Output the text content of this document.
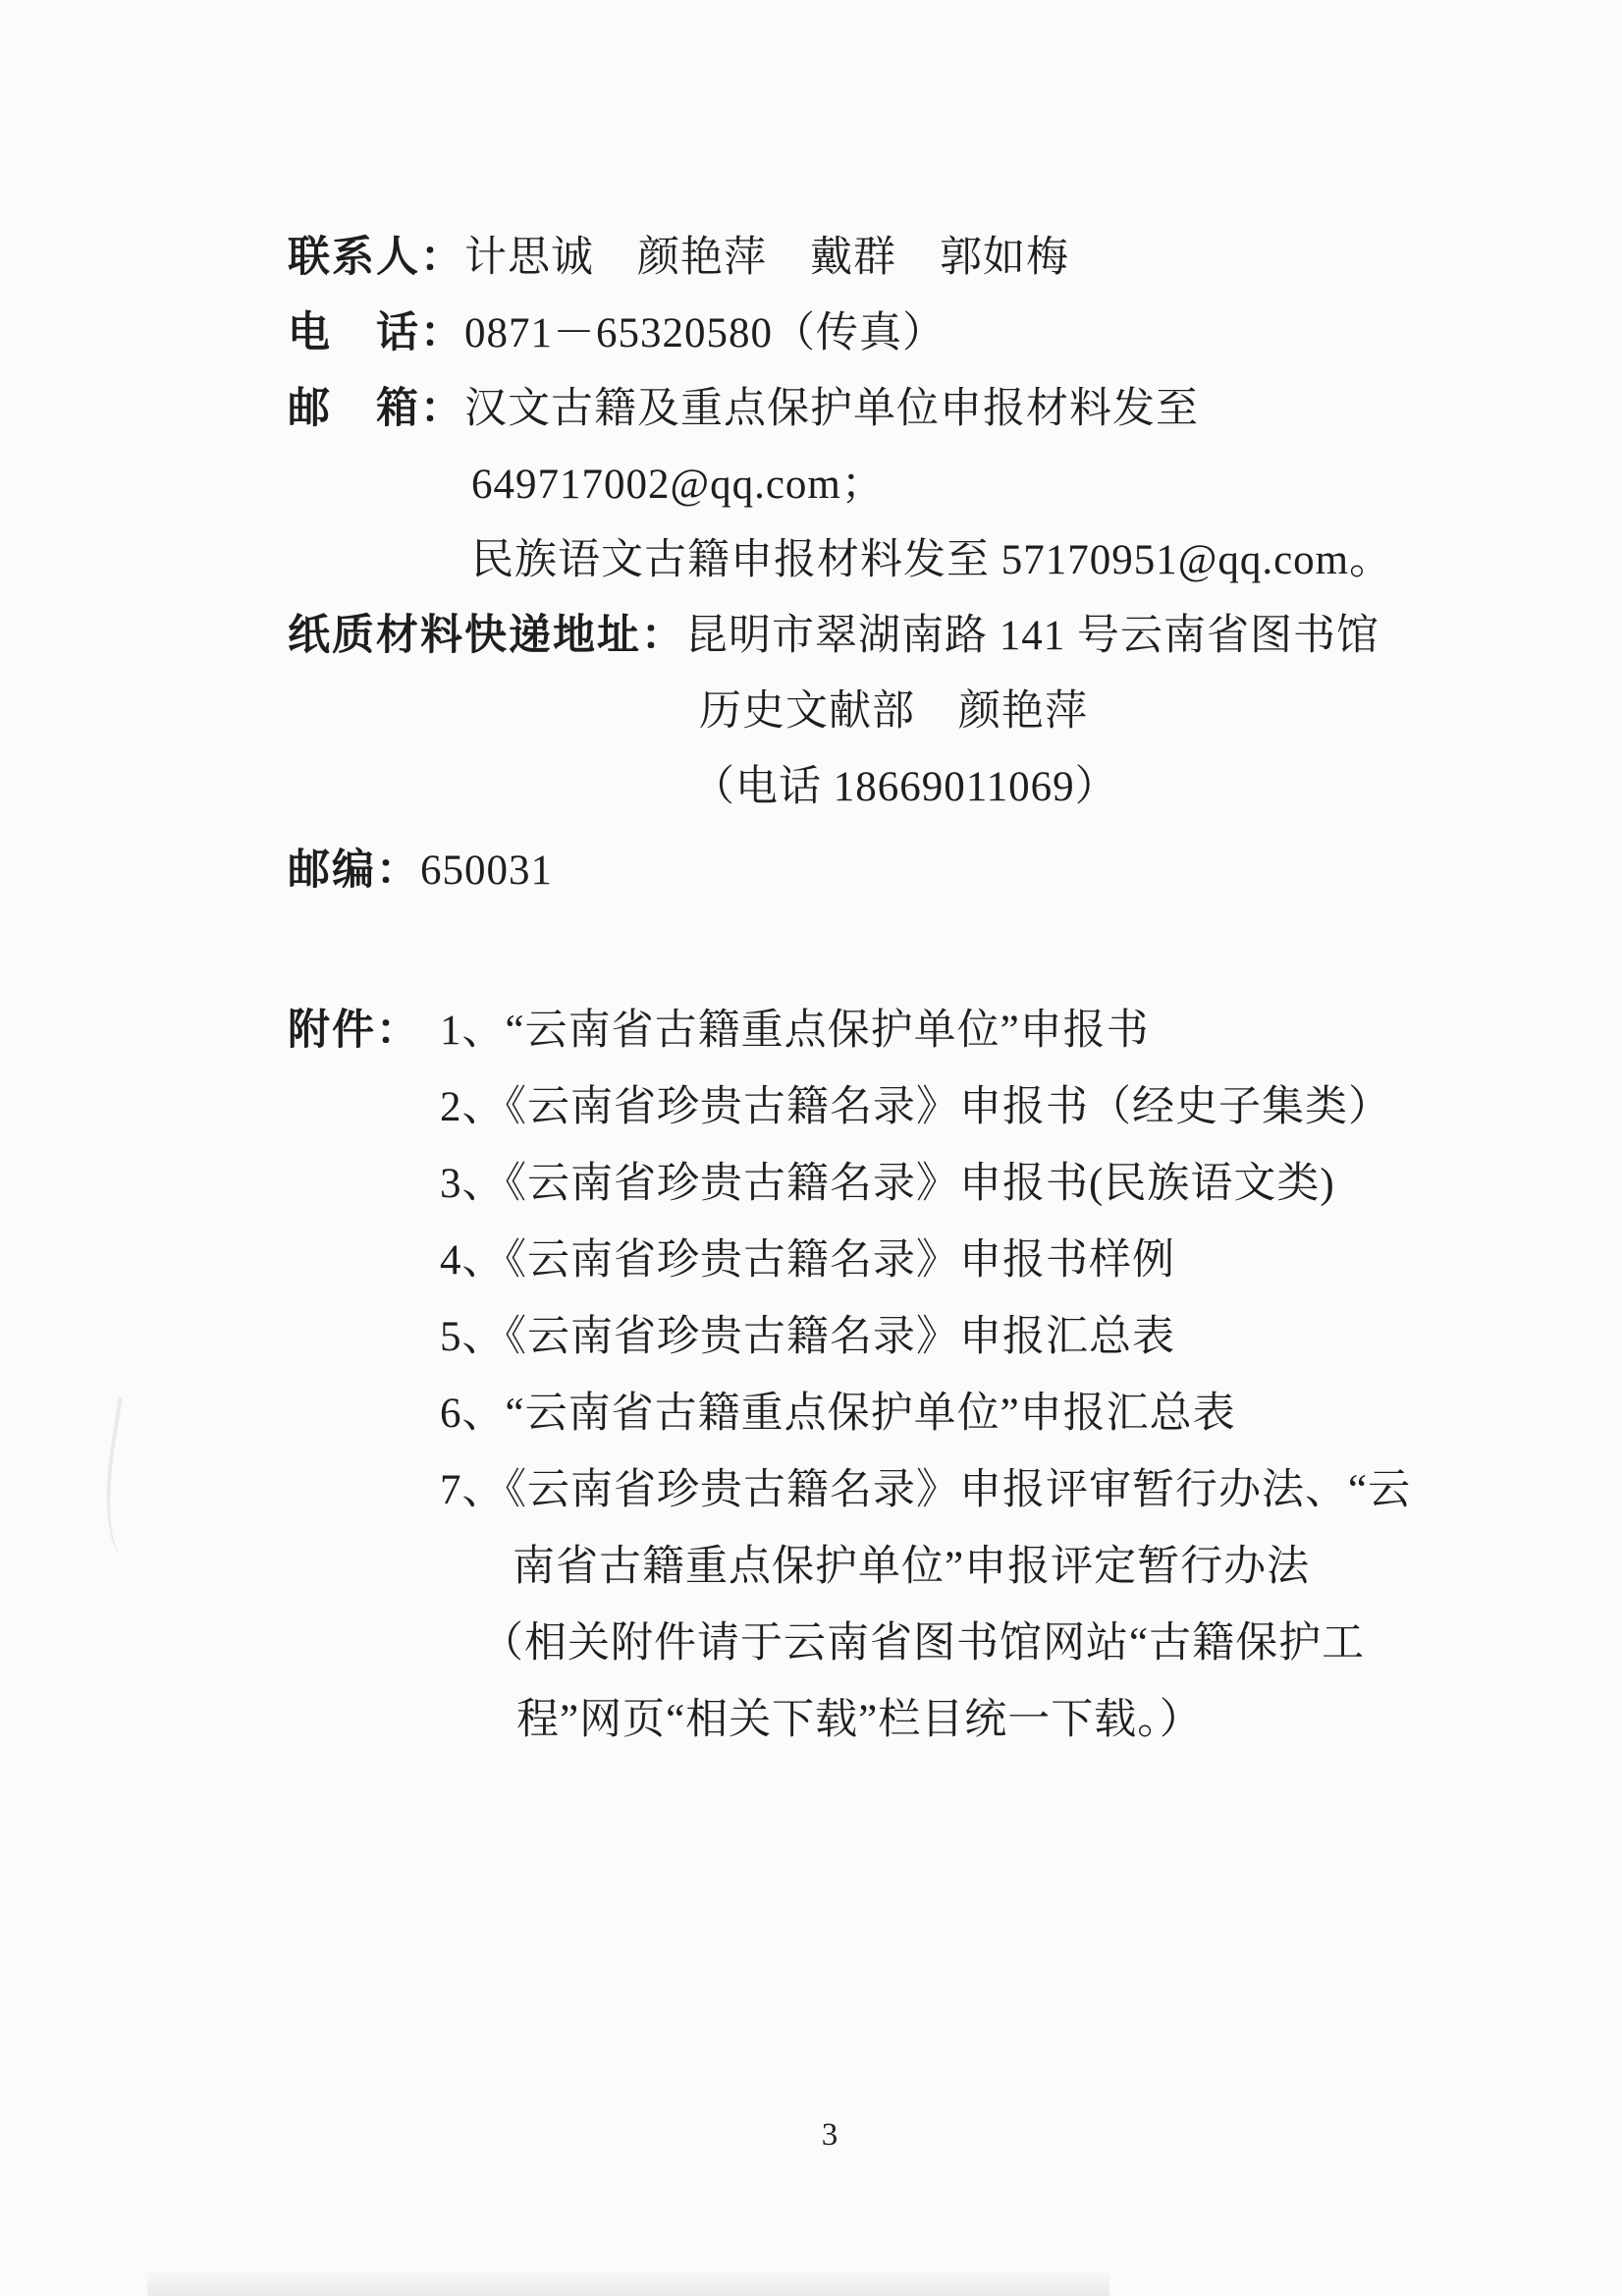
联系人：计思诚　颜艳萍　戴群　郭如梅
电　话：0871－65320580（传真）
邮　箱：汉文古籍及重点保护单位申报材料发至
649717002@qq.com；
民族语文古籍申报材料发至 57170951@qq.com。
纸质材料快递地址：昆明市翠湖南路 141 号云南省图书馆
历史文献部　颜艳萍
（电话 18669011069）
邮编：650031
附件： 1、“云南省古籍重点保护单位”申报书
2、《云南省珍贵古籍名录》申报书（经史子集类）
3、《云南省珍贵古籍名录》申报书(民族语文类)
4、《云南省珍贵古籍名录》申报书样例
5、《云南省珍贵古籍名录》申报汇总表
6、“云南省古籍重点保护单位”申报汇总表
7、《云南省珍贵古籍名录》申报评审暂行办法、“云
南省古籍重点保护单位”申报评定暂行办法
（相关附件请于云南省图书馆网站“古籍保护工
程”网页“相关下载”栏目统一下载。）
3
